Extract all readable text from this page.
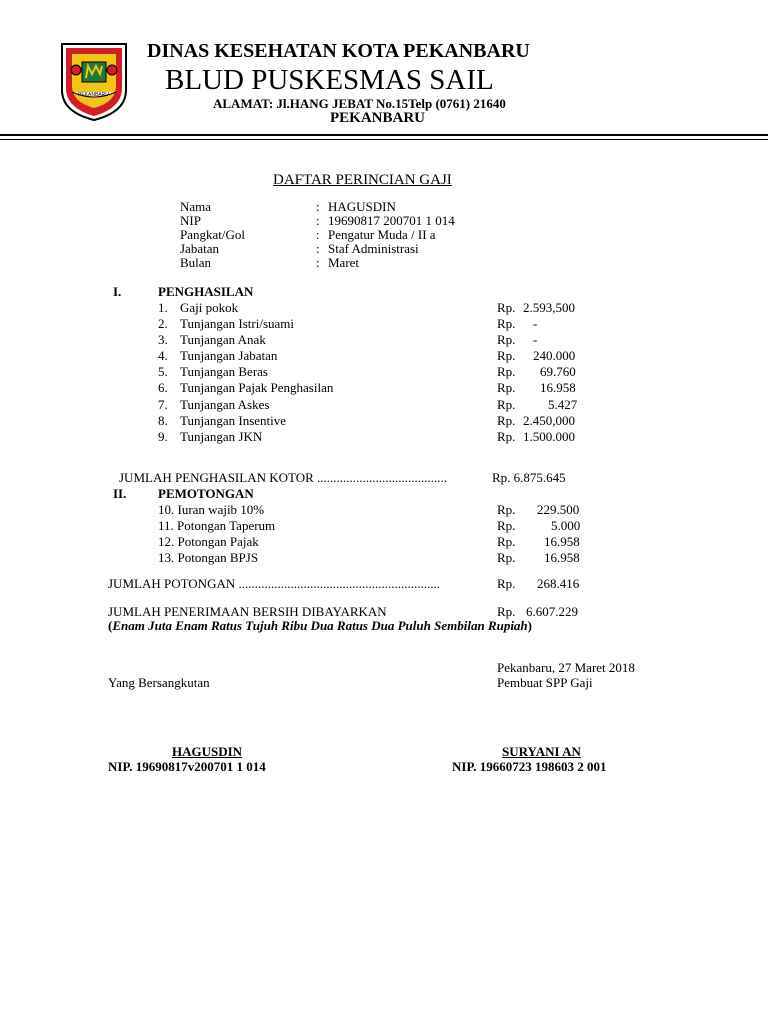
PEKANBARU
DINAS KESEHATAN KOTA PEKANBARU
BLUD PUSKESMAS SAIL
ALAMAT: Jl.HANG JEBAT No.15Telp (0761) 21640
PEKANBARU
DAFTAR PERINCIAN GAJI
Nama :	HAGUSDIN
NIP :	19690817 200701 1 014
Pangkat/Gol :	Pengatur Muda / II a
Jabatan :	Staf Administrasi
Bulan :	Maret
I.	PENGHASILAN
1. Gaji pokok	Rp. 2.593,500
2. Tunjangan Istri/suami	Rp. -
3. Tunjangan Anak	Rp. -
4. Tunjangan Jabatan	Rp. 240.000
5. Tunjangan Beras	Rp. 69.760
6. Tunjangan Pajak Penghasilan	Rp. 16.958
7. Tunjangan Askes	Rp.	5.427
8. Tunjangan Insentive	Rp. 2.450,000
9. Tunjangan JKN	Rp. 1.500.000
JUMLAH PENGHASILAN KOTOR ........................................	Rp. 6.875.645
II. PEMOTONGAN
10. Iuran wajib 10%	Rp. 229.500
11. Potongan Taperum	Rp.	5.000
12. Potongan Pajak	Rp. 16.958
13. Potongan BPJS	Rp. 16.958
JUMLAH POTONGAN ..............................................................	Rp. 268.416
JUMLAH PENERIMAAN BERSIH DIBAYARKAN	Rp. 6.607.229
(Enam Juta Enam Ratus Tujuh Ribu Dua Ratus Dua Puluh Sembilan Rupiah)
Pekanbaru, 27 Maret 2018
Yang Bersangkutan	Pembuat SPP Gaji
HAGUSDIN
NIP. 19690817v200701 1 014
SURYANI AN
NIP. 19660723 198603 2 001
